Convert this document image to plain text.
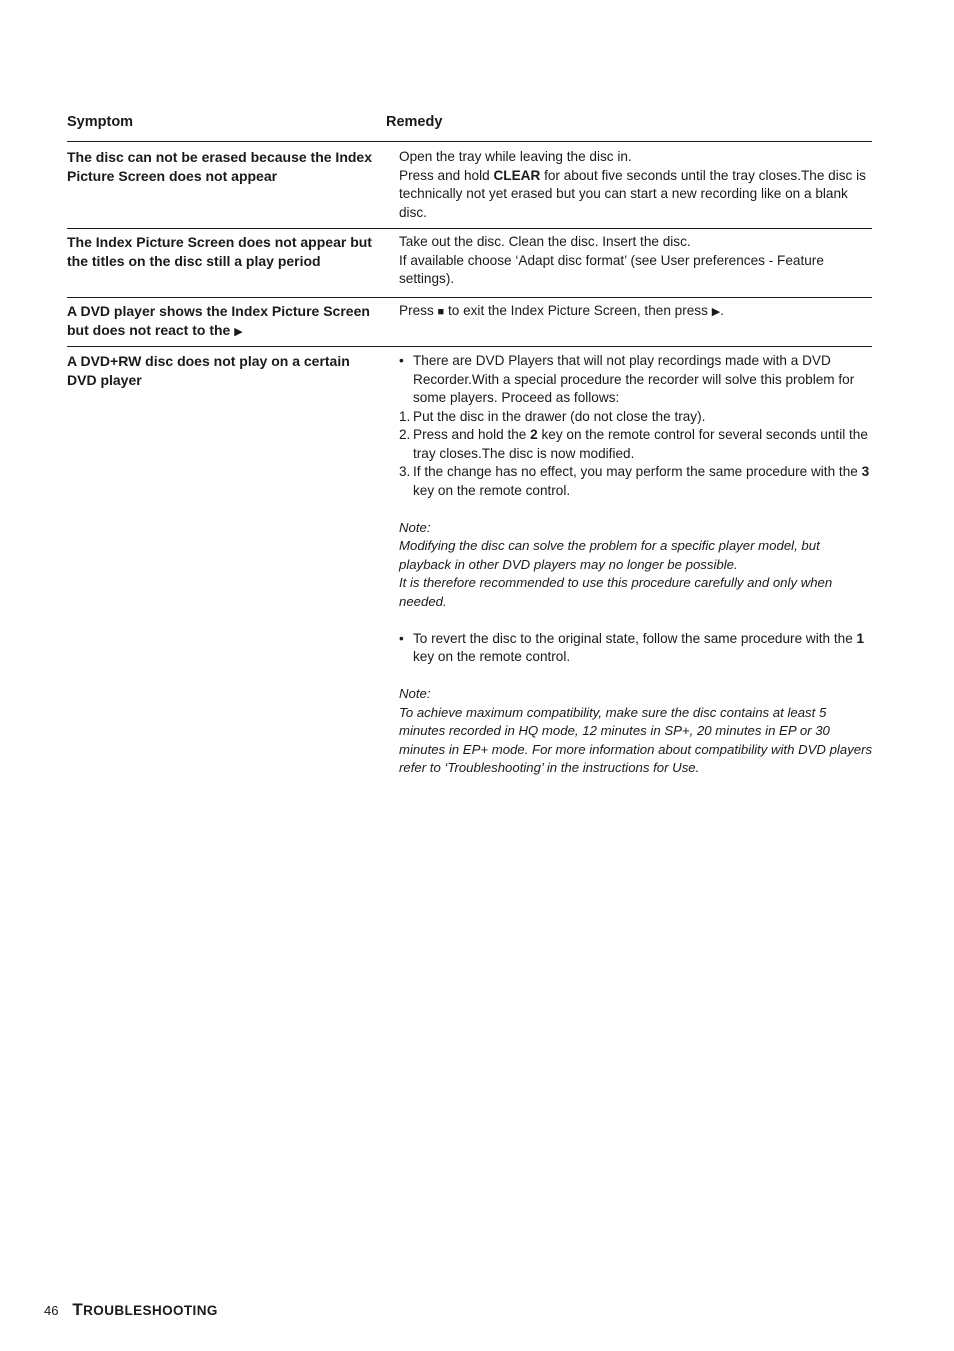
Symptom	Remedy
The disc can not be erased because the Index Picture Screen does not appear

Open the tray while leaving the disc in.

Press and hold CLEAR for about five seconds until the tray closes.The disc is technically not yet erased but you can start a new recording like on a blank disc.

The Index Picture Screen does not appear but the titles on the disc still a play period

Take out the disc. Clean the disc. Insert the disc.

If available choose ‘Adapt disc format’ (see User preferences - Feature settings).

A DVD player shows the Index Picture Screen but does not react to the ▶

Press ■ to exit the Index Picture Screen, then press ▶.

A DVD+RW disc does not play on a certain DVD player
• There are DVD Players that will not play recordings made with a DVD Recorder.With a special procedure the recorder will solve this problem for some players. Proceed as follows:
1. Put the disc in the drawer (do not close the tray).
2. Press and hold the 2 key on the remote control for several seconds until the tray closes.The disc is now modified.
3. If the change has no effect, you may perform the same procedure with the 3 key on the remote control.

Note:

Modifying the disc can solve the problem for a specific player model, but playback in other DVD players may no longer be possible.

It is therefore recommended to use this procedure carefully and only when needed.

• To revert the disc to the original state, follow the same procedure with the 1 key on the remote control.

Note:

To achieve maximum compatibility, make sure the disc contains at least 5 minutes recorded in HQ mode, 12 minutes in SP+, 20 minutes in EP or 30 minutes in EP+ mode. For more information about compatibility with DVD players refer to ‘Troubleshooting’ in the instructions for Use.

46 TROUBLESHOOTING
